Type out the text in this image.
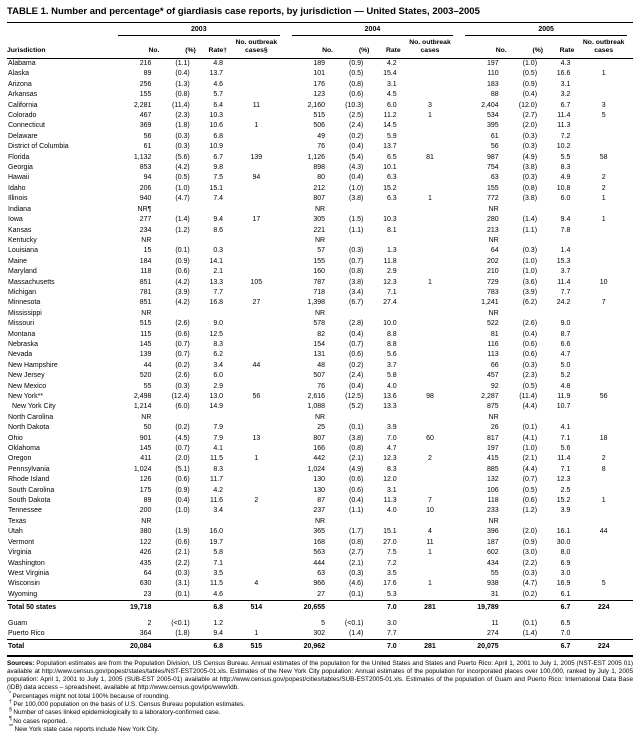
TABLE 1. Number and percentage* of giardiasis case reports, by jurisdiction — United States, 2003–2005

	2003				2004				2005			

Jurisdiction	No.	(%)	Rate†	No. outbreak cases§	No.	(%)	Rate	No. outbreak cases	No.	(%)	Rate	No. outbreak cases
Alabama	216	(1.1)	4.8		189	(0.9)	4.2		197	(1.0)	4.3	
Alaska	89	(0.4)	13.7		101	(0.5)	15.4		110	(0.5)	16.6	1
Arizona	256	(1.3)	4.6		176	(0.8)	3.1		183	(0.9)	3.1	
Arkansas	155	(0.8)	5.7		123	(0.6)	4.5		88	(0.4)	3.2	
California	2,281	(11.4)	6.4	11	2,160	(10.3)	6.0	3	2,404	(12.0)	6.7	3
Colorado	467	(2.3)	10.3		515	(2.5)	11.2	1	534	(2.7)	11.4	5
Connecticut	369	(1.8)	10.6	1	506	(2.4)	14.5		395	(2.0)	11.3	
Delaware	56	(0.3)	6.8		49	(0.2)	5.9		61	(0.3)	7.2	
District of Columbia	61	(0.3)	10.9		76	(0.4)	13.7		56	(0.3)	10.2	
Florida	1,132	(5.6)	6.7	139	1,126	(5.4)	6.5	81	987	(4.9)	5.5	58
Georgia	853	(4.2)	9.8		898	(4.3)	10.1		754	(3.8)	8.3	
Hawaii	94	(0.5)	7.5	94	80	(0.4)	6.3		63	(0.3)	4.9	2
Idaho	206	(1.0)	15.1		212	(1.0)	15.2		155	(0.8)	10.8	2
Illinois	940	(4.7)	7.4		807	(3.8)	6.3	1	772	(3.8)	6.0	1
Indiana	NR¶				NR				NR			
Iowa	277	(1.4)	9.4	17	305	(1.5)	10.3		280	(1.4)	9.4	1
Kansas	234	(1.2)	8.6		221	(1.1)	8.1		213	(1.1)	7.8	
Kentucky	NR				NR				NR			
Louisiana	15	(0.1)	0.3		57	(0.3)	1.3		64	(0.3)	1.4	
Maine	184	(0.9)	14.1		155	(0.7)	11.8		202	(1.0)	15.3	
Maryland	118	(0.6)	2.1		160	(0.8)	2.9		210	(1.0)	3.7	
Massachusetts	851	(4.2)	13.3	105	787	(3.8)	12.3	1	729	(3.6)	11.4	10
Michigan	781	(3.9)	7.7		718	(3.4)	7.1		783	(3.9)	7.7	
Minnesota	851	(4.2)	16.8	27	1,398	(6.7)	27.4		1,241	(6.2)	24.2	7
Mississippi	NR				NR				NR			
Missouri	515	(2.6)	9.0		578	(2.8)	10.0		522	(2.6)	9.0	
Montana	115	(0.6)	12.5		82	(0.4)	8.8		81	(0.4)	8.7	
Nebraska	145	(0.7)	8.3		154	(0.7)	8.8		116	(0.6)	6.6	
Nevada	139	(0.7)	6.2		131	(0.6)	5.6		113	(0.6)	4.7	
New Hampshire	44	(0.2)	3.4	44	48	(0.2)	3.7		66	(0.3)	5.0	
New Jersey	520	(2.6)	6.0		507	(2.4)	5.8		457	(2.3)	5.2	
New Mexico	55	(0.3)	2.9		76	(0.4)	4.0		92	(0.5)	4.8	
New York**	2,498	(12.4)	13.0	56	2,616	(12.5)	13.6	98	2,287	(11.4)	11.9	56
New York City	1,214	(6.0)	14.9		1,088	(5.2)	13.3		875	(4.4)	10.7	
North Carolina	NR				NR				NR			
North Dakota	50	(0.2)	7.9		25	(0.1)	3.9		26	(0.1)	4.1	
Ohio	901	(4.5)	7.9	13	807	(3.8)	7.0	60	817	(4.1)	7.1	18
Oklahoma	145	(0.7)	4.1		166	(0.8)	4.7		197	(1.0)	5.6	
Oregon	411	(2.0)	11.5	1	442	(2.1)	12.3	2	415	(2.1)	11.4	2
Pennsylvania	1,024	(5.1)	8.3		1,024	(4.9)	8.3		885	(4.4)	7.1	8
Rhode Island	126	(0.6)	11.7		130	(0.6)	12.0		132	(0.7)	12.3	
South Carolina	175	(0.9)	4.2		130	(0.6)	3.1		106	(0.5)	2.5	
South Dakota	89	(0.4)	11.6	2	87	(0.4)	11.3	7	118	(0.6)	15.2	1
Tennessee	200	(1.0)	3.4		237	(1.1)	4.0	10	233	(1.2)	3.9	
Texas	NR				NR				NR			
Utah	380	(1.9)	16.0		365	(1.7)	15.1	4	396	(2.0)	16.1	44
Vermont	122	(0.6)	19.7		168	(0.8)	27.0	11	187	(0.9)	30.0	
Virginia	426	(2.1)	5.8		563	(2.7)	7.5	1	602	(3.0)	8.0	
Washington	435	(2.2)	7.1		444	(2.1)	7.2		434	(2.2)	6.9	
West Virginia	64	(0.3)	3.5		63	(0.3)	3.5		55	(0.3)	3.0	
Wisconsin	630	(3.1)	11.5	4	966	(4.6)	17.6	1	938	(4.7)	16.9	5
Wyoming	23	(0.1)	4.6		27	(0.1)	5.3		31	(0.2)	6.1	
Total 50 states	19,718		6.8	514	20,655		7.0	281	19,789		6.7	224
Guam	2	(<0.1)	1.2		5	(<0.1)	3.0		11	(0.1)	6.5	
Puerto Rico	364	(1.8)	9.4	1	302	(1.4)	7.7		274	(1.4)	7.0	
Total	20,084		6.8	515	20,962		7.0	281	20,075		6.7	224
Sources: Population estimates are from the Population Division, US Census Bureau. Annual estimates of the population for the United States and States and Puerto Rico: April 1, 2001 to July 1, 2005 (NST-EST 2005 01) available at http://www.census.gov/popest/states/tables/NST-EST2005-01.xls. Estimates of the New York City population: Annual estimates of the population for incorporated places over 100,000, ranked by July 1, 2005 population: April 1, 2001 to July 1, 2005 (SUB-EST 2005-01) available at http://www.census.gov/popest/cities/tables/SUB-EST2005-01.xls. Estimates of the population of Guam and Puerto Rico: International Data Base (IDB) data access – spreadsheet, available at http://www.census.gov/ipc/www/idb.
* Percentages might not total 100% because of rounding.
† Per 100,000 population on the basis of U.S. Census Bureau population estimates.
§ Number of cases linked epidemiologically to a laboratory-confirmed case.
¶ No cases reported.
** New York state case reports include New York City.
